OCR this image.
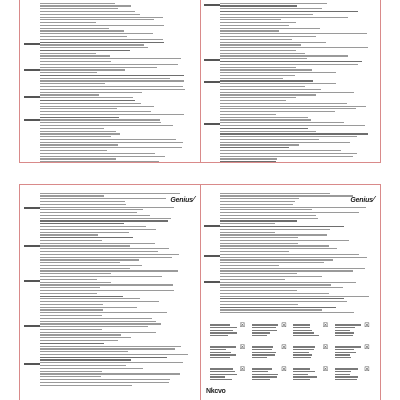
Genius⁄	Genius⁄
☒	☒	☒	☒
☒	☒	☒	☒
☒	☒	☒	☒
Nkcvo
